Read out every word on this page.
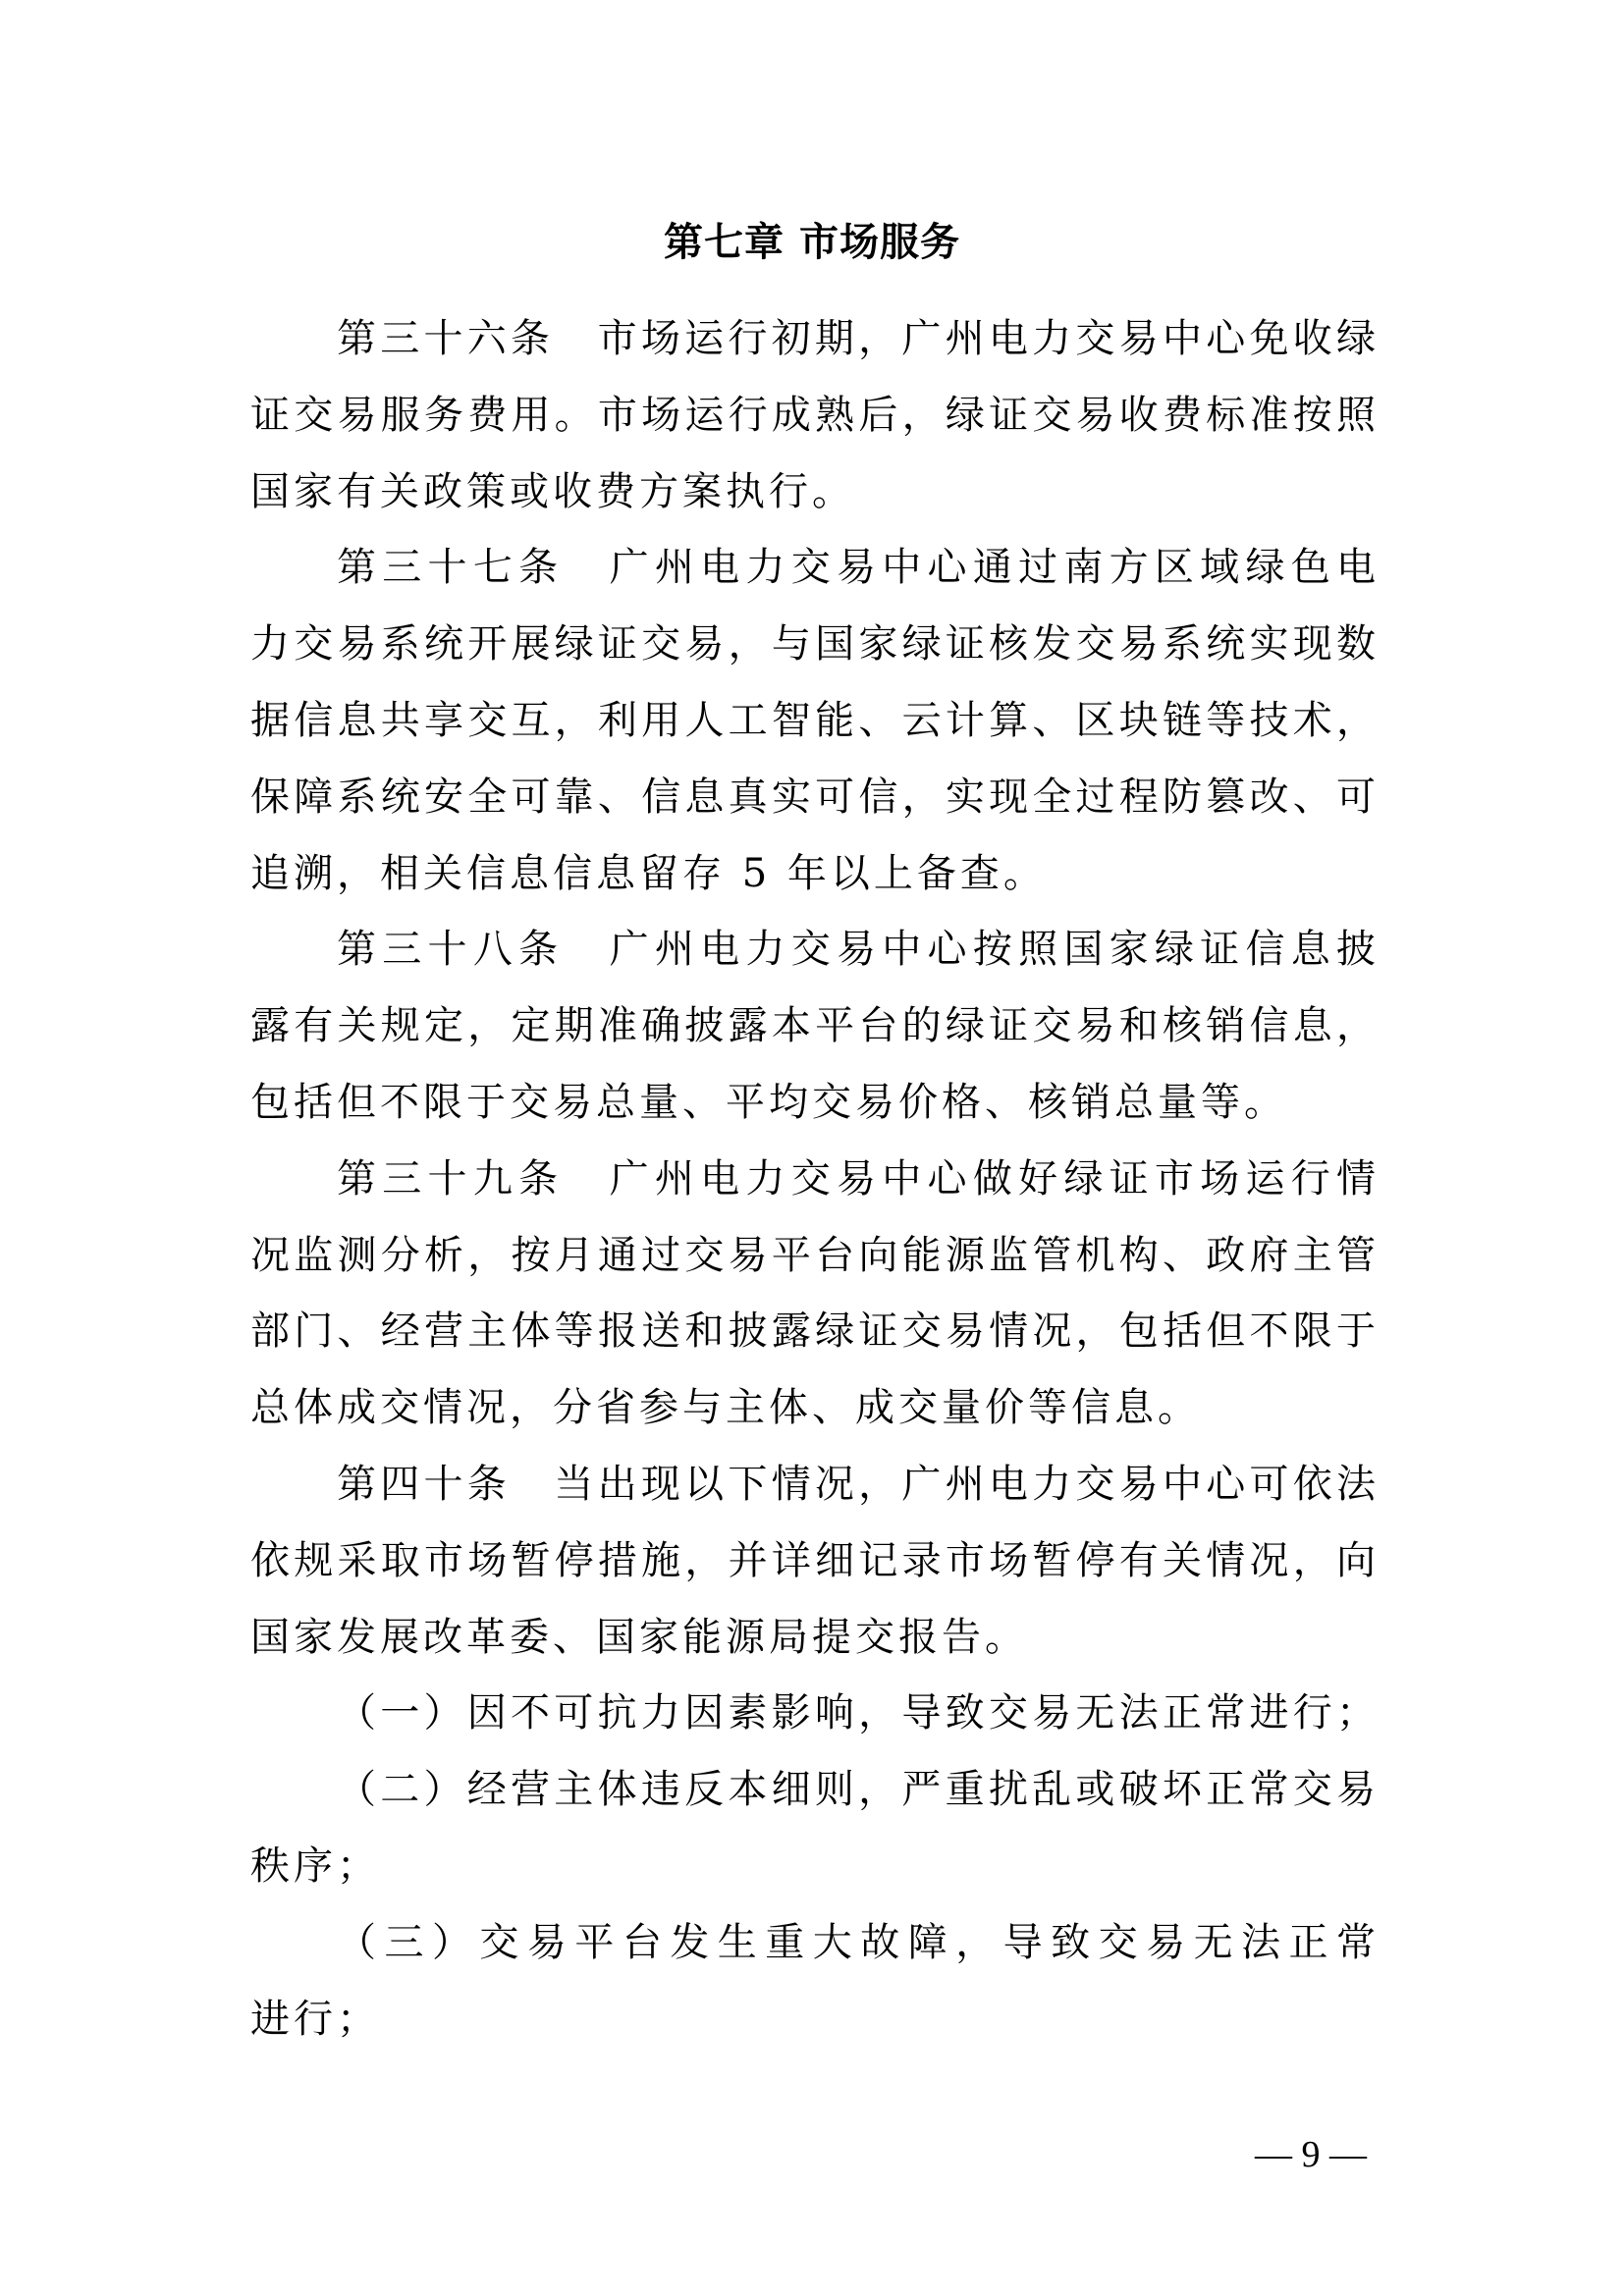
第七章 市场服务
第三十六条　市场运行初期，广州电力交易中心免收绿
证交易服务费用。市场运行成熟后，绿证交易收费标准按照
国家有关政策或收费方案执行。
第三十七条　广州电力交易中心通过南方区域绿色电
力交易系统开展绿证交易，与国家绿证核发交易系统实现数
据信息共享交互，利用人工智能、云计算、区块链等技术，
保障系统安全可靠、信息真实可信，实现全过程防篡改、可
追溯，相关信息信息留存 5 年以上备查。
第三十八条　广州电力交易中心按照国家绿证信息披
露有关规定，定期准确披露本平台的绿证交易和核销信息，
包括但不限于交易总量、平均交易价格、核销总量等。
第三十九条　广州电力交易中心做好绿证市场运行情
况监测分析，按月通过交易平台向能源监管机构、政府主管
部门、经营主体等报送和披露绿证交易情况，包括但不限于
总体成交情况，分省参与主体、成交量价等信息。
第四十条　当出现以下情况，广州电力交易中心可依法
依规采取市场暂停措施，并详细记录市场暂停有关情况，向
国家发展改革委、国家能源局提交报告。
（一）因不可抗力因素影响，导致交易无法正常进行；
（二）经营主体违反本细则，严重扰乱或破坏正常交易
秩序；
（三）交易平台发生重大故障，导致交易无法正常
进行；
— 9 —
